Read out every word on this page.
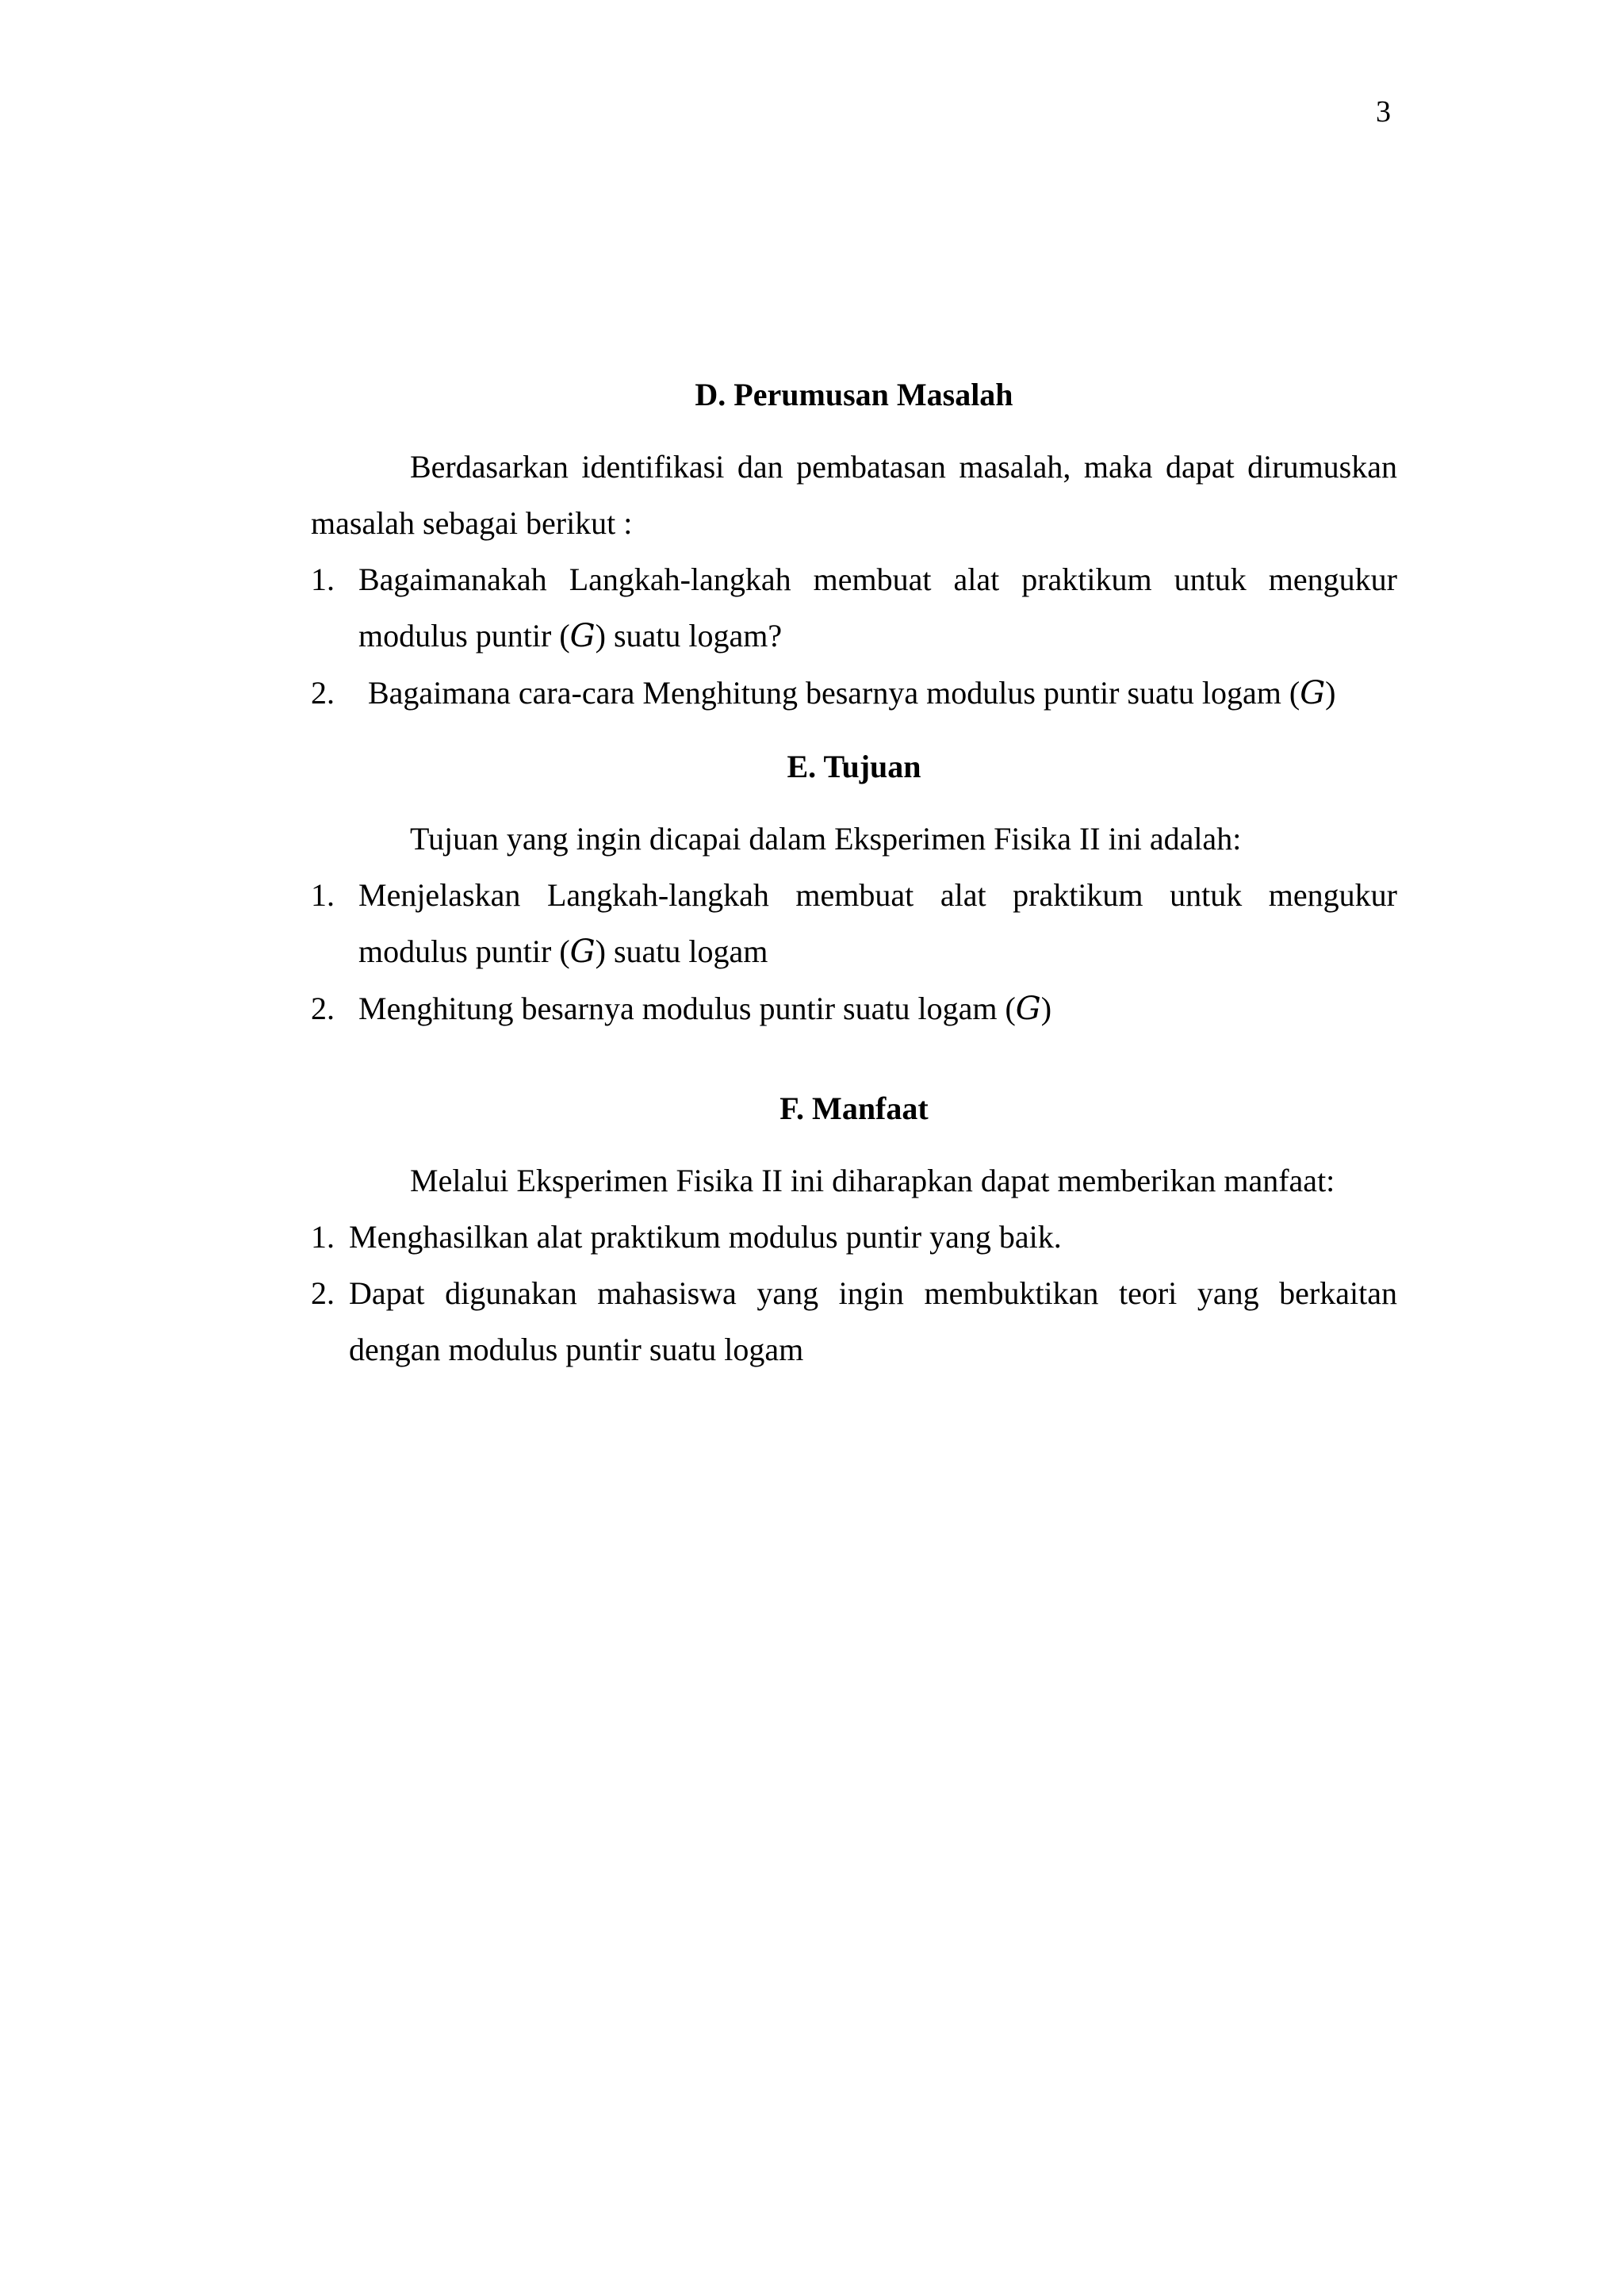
3
D. Perumusan Masalah

Berdasarkan identifikasi dan pembatasan masalah, maka dapat dirumuskan masalah sebagai berikut :

1. Bagaimanakah Langkah-langkah membuat alat praktikum untuk mengukur modulus puntir (G) suatu logam?
2.	Bagaimana cara-cara Menghitung besarnya modulus puntir suatu logam (G)
E. Tujuan

Tujuan yang ingin dicapai dalam Eksperimen Fisika II ini adalah:

1. Menjelaskan Langkah-langkah membuat alat praktikum untuk mengukur modulus puntir (G) suatu logam
2. Menghitung besarnya modulus puntir suatu logam (G)
F. Manfaat

Melalui Eksperimen Fisika II ini diharapkan dapat memberikan manfaat:

1. Menghasilkan alat praktikum modulus puntir yang baik.
2. Dapat digunakan mahasiswa yang ingin membuktikan teori yang berkaitan dengan modulus puntir suatu logam
